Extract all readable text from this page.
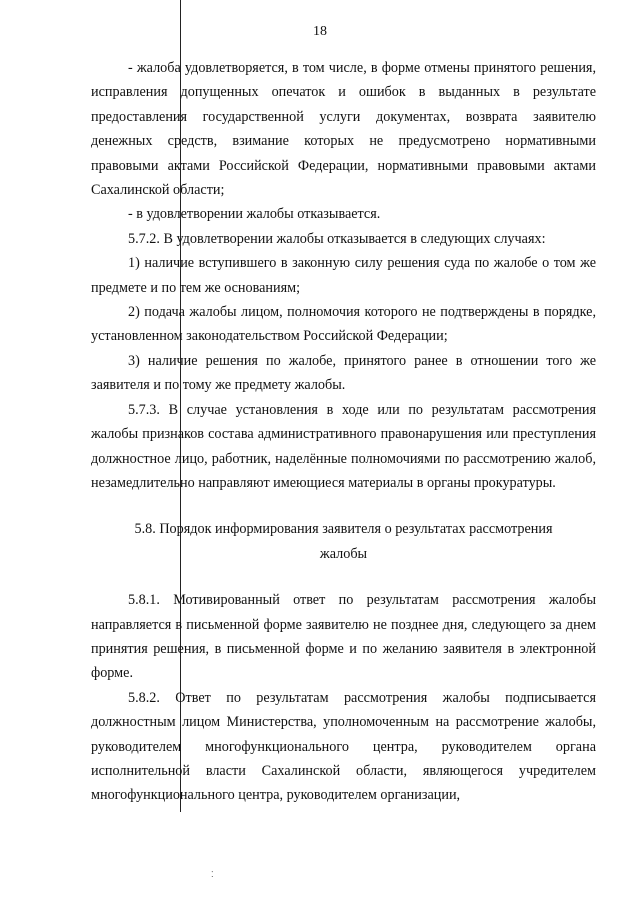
18

- жалоба удовлетворяется, в том числе, в форме отмены принятого решения, исправления допущенных опечаток и ошибок в выданных в результате предоставления государственной услуги документах, возврата заявителю денежных средств, взимание которых не предусмотрено нормативными правовыми актами Российской Федерации, нормативными правовыми актами Сахалинской области;

- в удовлетворении жалобы отказывается.

5.7.2. В удовлетворении жалобы отказывается в следующих случаях:

1) наличие вступившего в законную силу решения суда по жалобе о том же предмете и по тем же основаниям;

2) подача жалобы лицом, полномочия которого не подтверждены в порядке, установленном законодательством Российской Федерации;

3) наличие решения по жалобе, принятого ранее в отношении того же заявителя и по тому же предмету жалобы.

5.7.3. В случае установления в ходе или по результатам рассмотрения жалобы признаков состава административного правонарушения или преступления должностное лицо, работник, наделённые полномочиями по рассмотрению жалоб, незамедлительно направляют имеющиеся материалы в органы прокуратуры.

5.8. Порядок информирования заявителя о результатах рассмотрения жалобы

5.8.1. Мотивированный ответ по результатам рассмотрения жалобы направляется в письменной форме заявителю не позднее дня, следующего за днем принятия решения, в письменной форме и по желанию заявителя в электронной форме.

5.8.2. Ответ по результатам рассмотрения жалобы подписывается должностным лицом Министерства, уполномоченным на рассмотрение жалобы, руководителем многофункционального центра, руководителем органа исполнительной власти Сахалинской области, являющегося учредителем многофункционального центра, руководителем организации,

⁚
